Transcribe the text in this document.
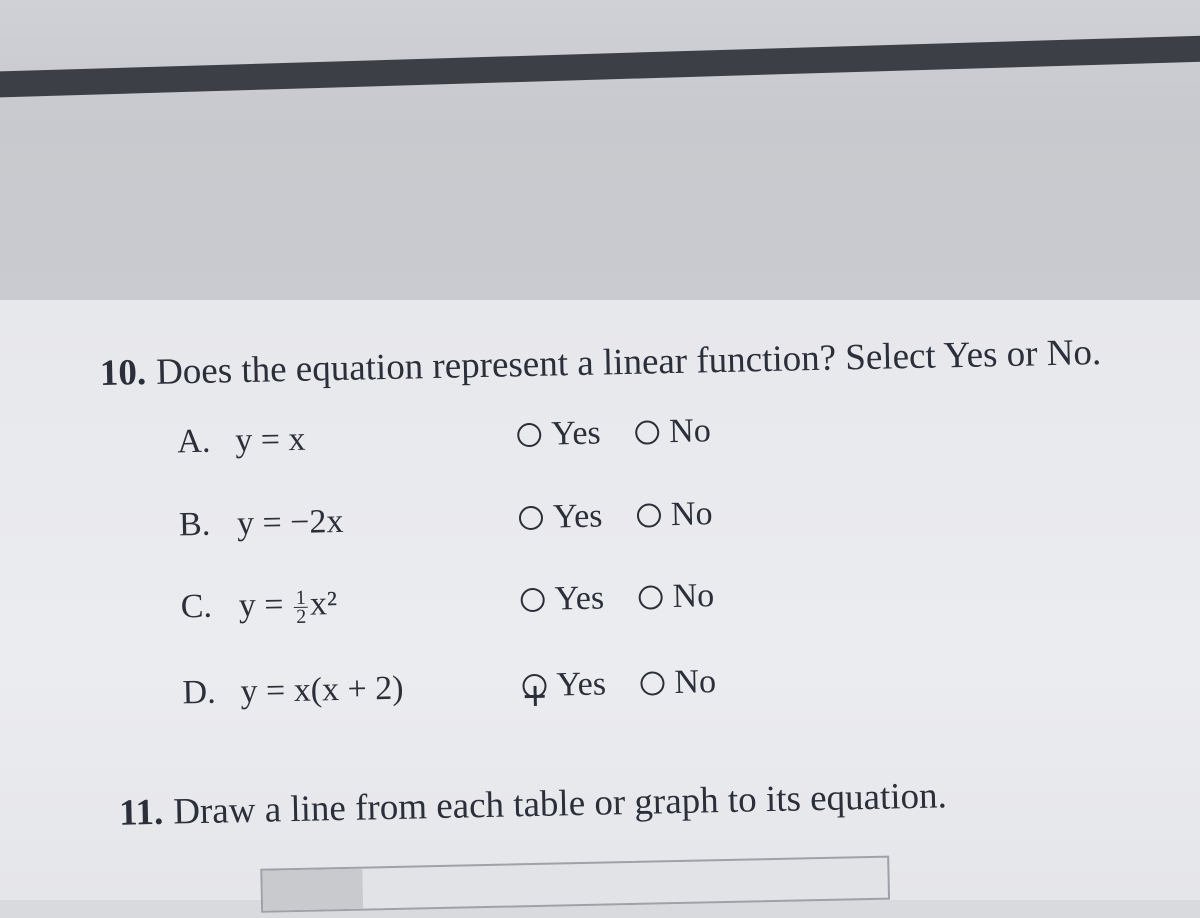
10. Does the equation represent a linear function? Select Yes or No.
A. y = x	Yes No
B. y = −2x	Yes No
C. $y = \frac{1}{2} x^2$	Yes No
D. y = x(x + 2)	Yes No
11. Draw a line from each table or graph to its equation.
